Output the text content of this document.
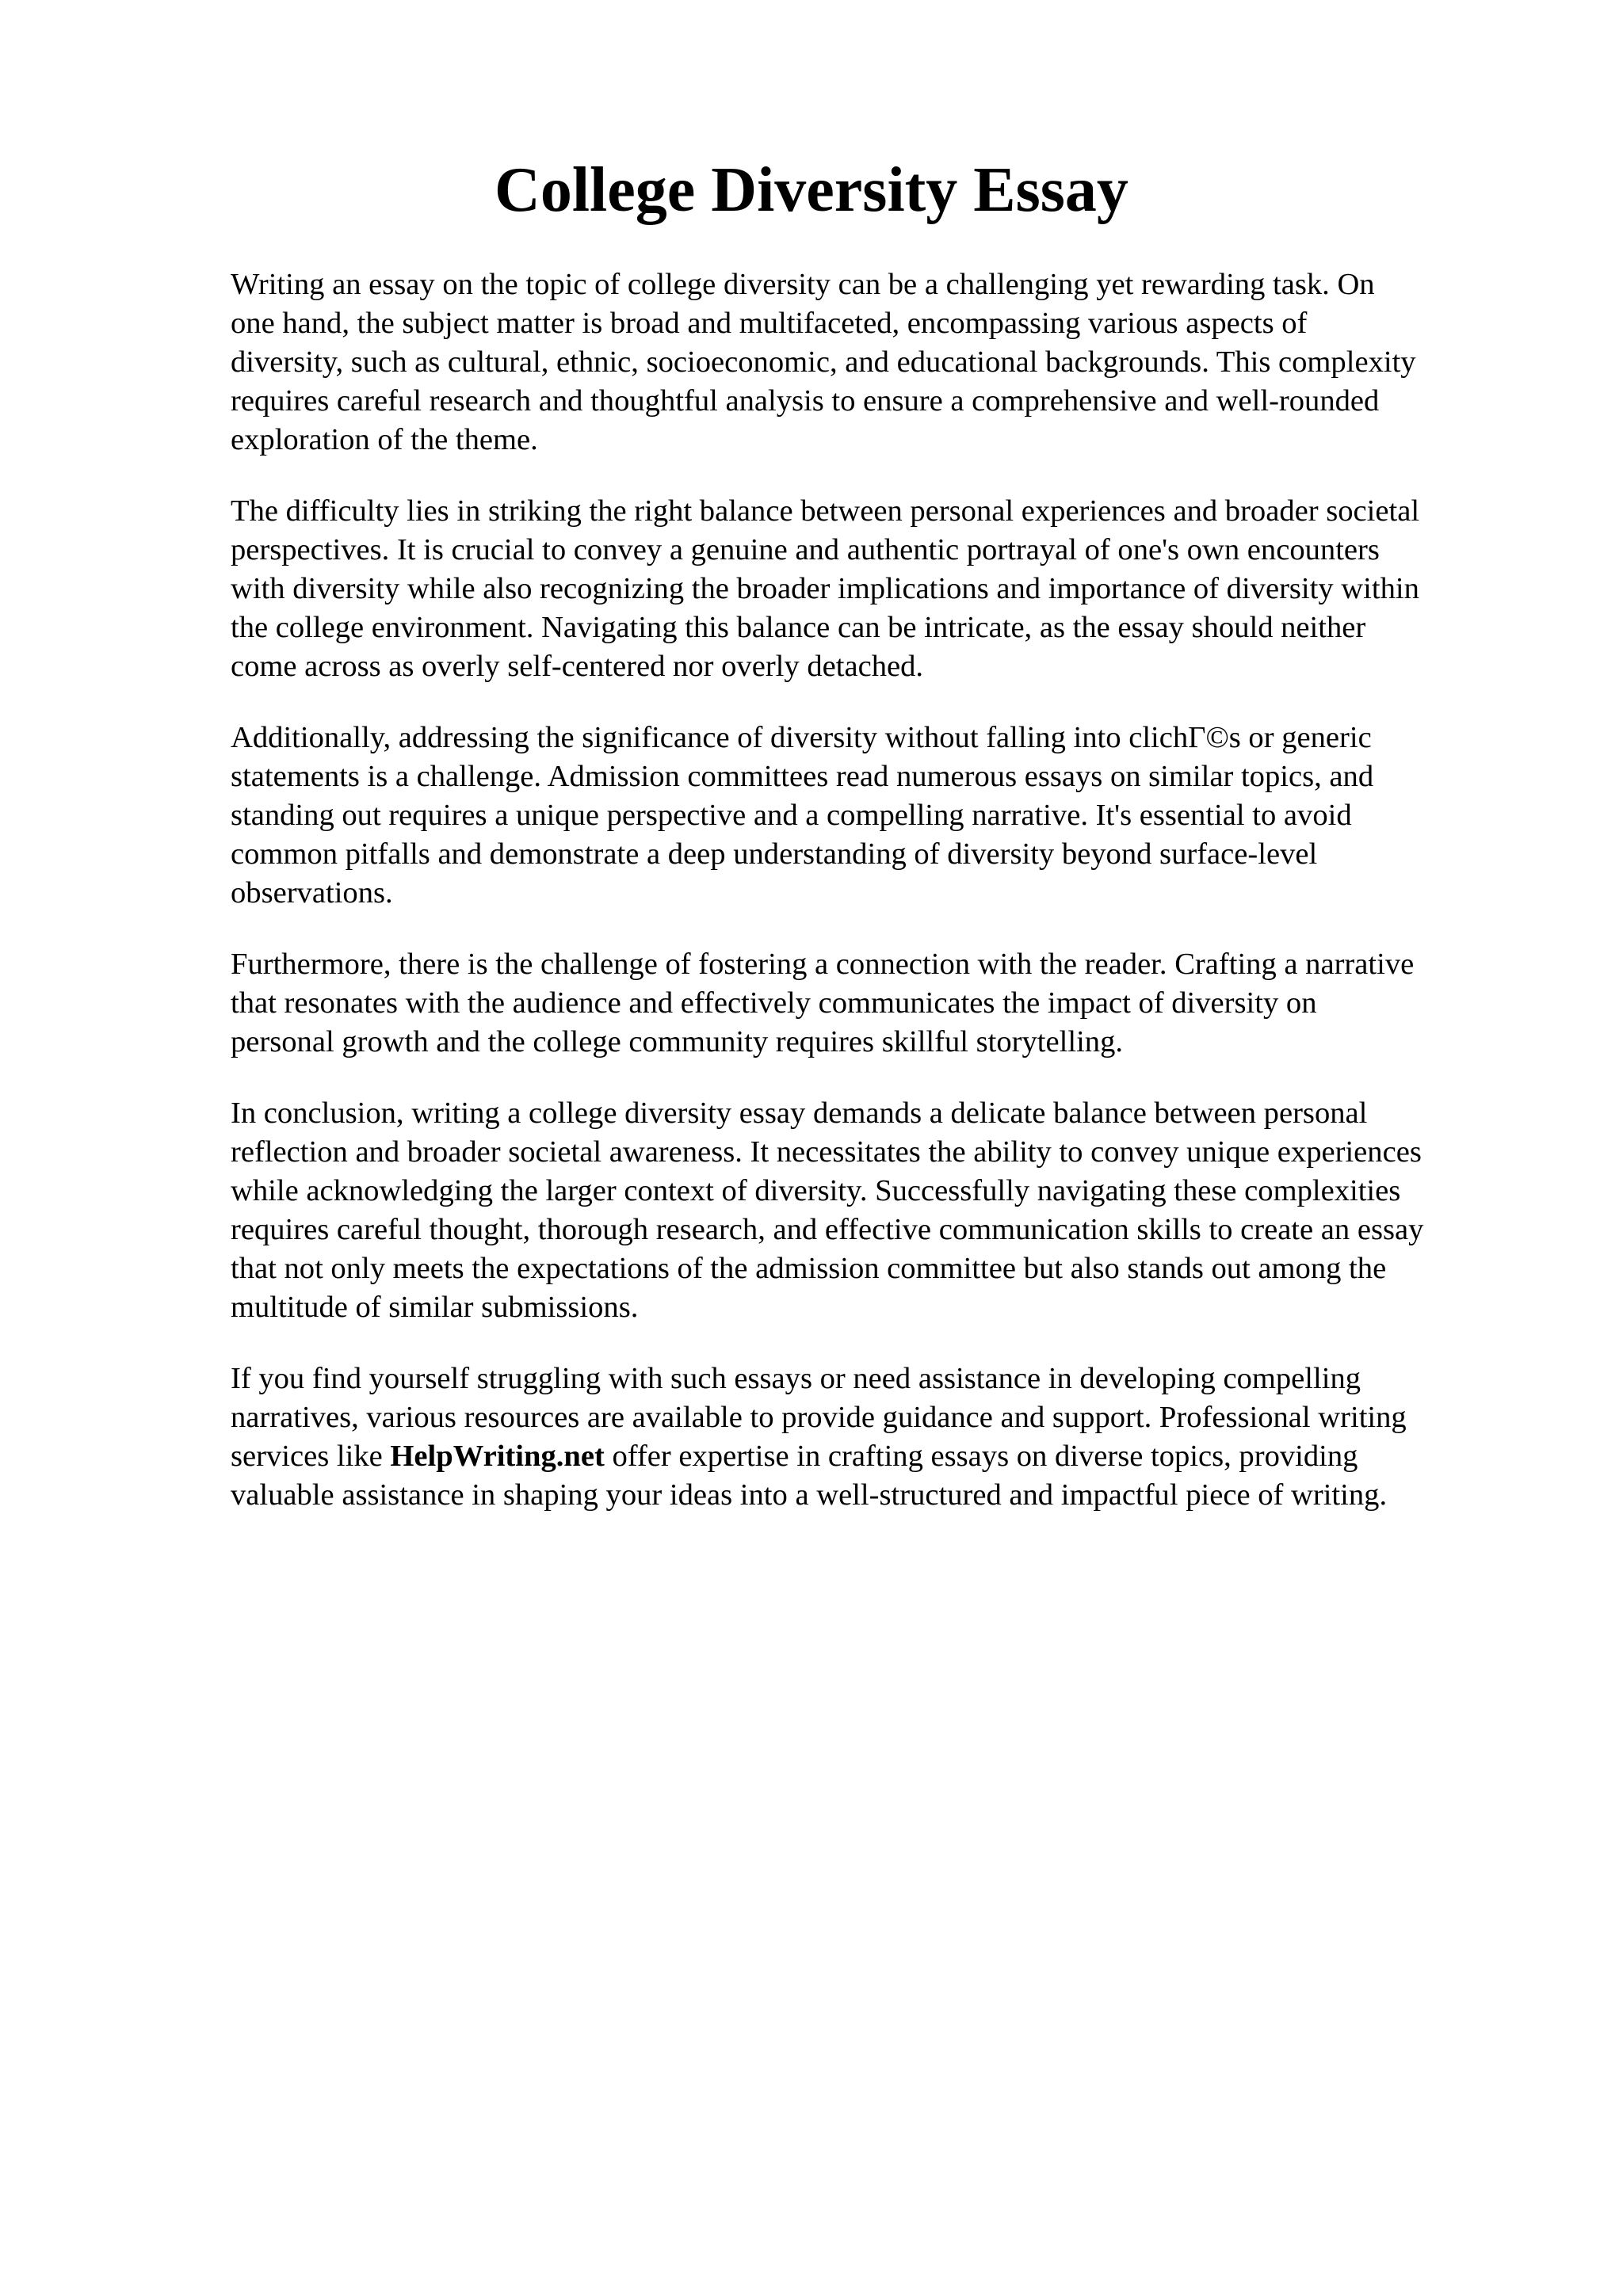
College Diversity Essay

Writing an essay on the topic of college diversity can be a challenging yet rewarding task. On
one hand, the subject matter is broad and multifaceted, encompassing various aspects of
diversity, such as cultural, ethnic, socioeconomic, and educational backgrounds. This complexity
requires careful research and thoughtful analysis to ensure a comprehensive and well-rounded
exploration of the theme.

The difficulty lies in striking the right balance between personal experiences and broader societal
perspectives. It is crucial to convey a genuine and authentic portrayal of one's own encounters
with diversity while also recognizing the broader implications and importance of diversity within
the college environment. Navigating this balance can be intricate, as the essay should neither
come across as overly self-centered nor overly detached.

Additionally, addressing the significance of diversity without falling into clichΓ©s or generic
statements is a challenge. Admission committees read numerous essays on similar topics, and
standing out requires a unique perspective and a compelling narrative. It's essential to avoid
common pitfalls and demonstrate a deep understanding of diversity beyond surface-level
observations.

Furthermore, there is the challenge of fostering a connection with the reader. Crafting a narrative
that resonates with the audience and effectively communicates the impact of diversity on
personal growth and the college community requires skillful storytelling.

In conclusion, writing a college diversity essay demands a delicate balance between personal
reflection and broader societal awareness. It necessitates the ability to convey unique experiences
while acknowledging the larger context of diversity. Successfully navigating these complexities
requires careful thought, thorough research, and effective communication skills to create an essay
that not only meets the expectations of the admission committee but also stands out among the
multitude of similar submissions.

If you find yourself struggling with such essays or need assistance in developing compelling
narratives, various resources are available to provide guidance and support. Professional writing
services like HelpWriting.net offer expertise in crafting essays on diverse topics, providing
valuable assistance in shaping your ideas into a well-structured and impactful piece of writing.
